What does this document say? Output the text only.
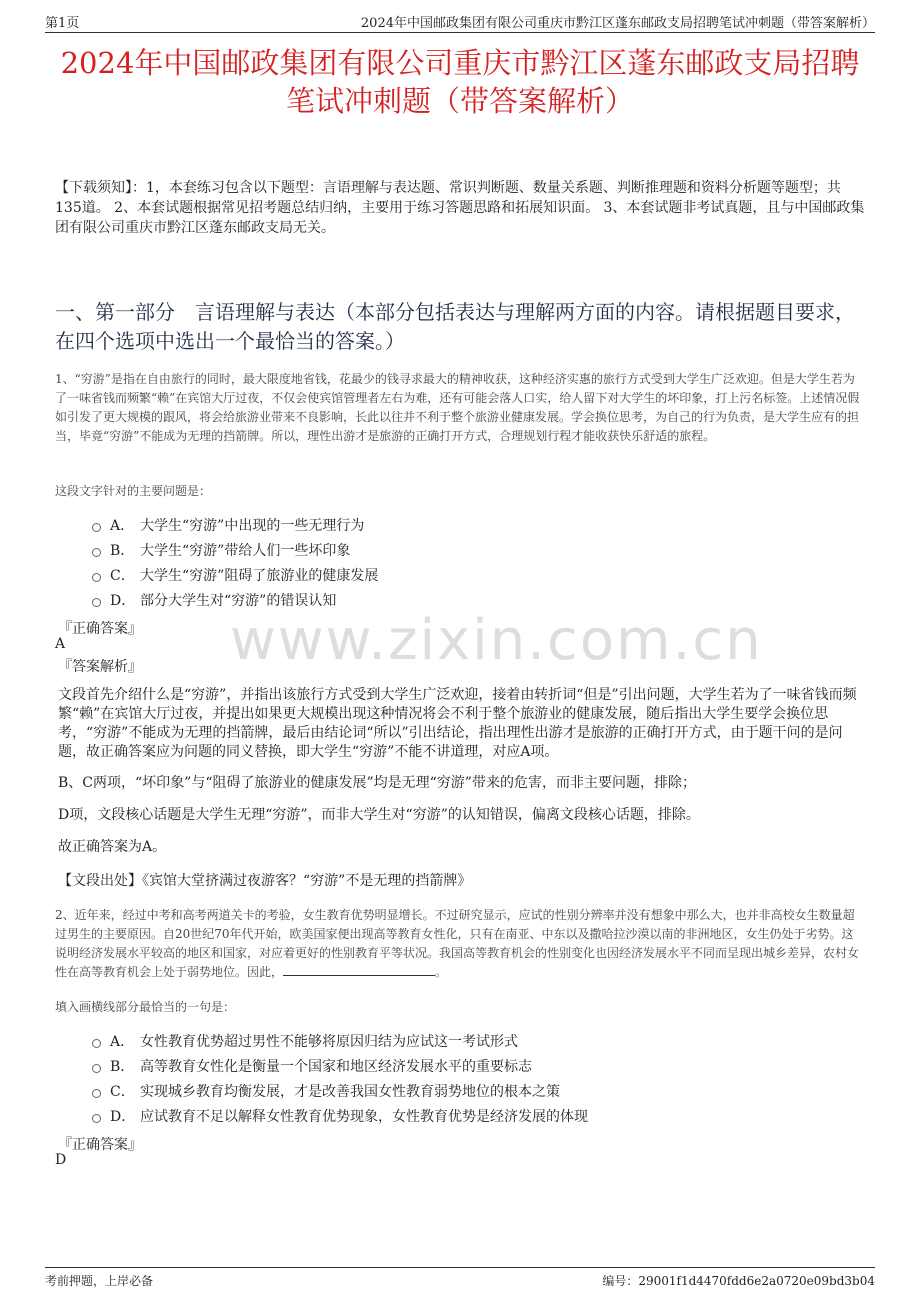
第1页	2024年中国邮政集团有限公司重庆市黔江区蓬东邮政支局招聘笔试冲刺题（带答案解析）
2024年中国邮政集团有限公司重庆市黔江区蓬东邮政支局招聘
笔试冲刺题（带答案解析）
【下载须知】：1，本套练习包含以下题型：言语理解与表达题、常识判断题、数量关系题、判断推理题和资料分析题等题型；共135道。 2、本套试题根据常见招考题总结归纳，主要用于练习答题思路和拓展知识面。 3、本套试题非考试真题，且与中国邮政集团有限公司重庆市黔江区蓬东邮政支局无关。
一、第一部分　言语理解与表达（本部分包括表达与理解两方面的内容。请根据题目要求，在四个选项中选出一个最恰当的答案。）
1、“穷游”是指在自由旅行的同时，最大限度地省钱，花最少的钱寻求最大的精神收获，这种经济实惠的旅行方式受到大学生广泛欢迎。但是大学生若为了一味省钱而频繁“赖”在宾馆大厅过夜，不仅会使宾馆管理者左右为难，还有可能会落人口实，给人留下对大学生的坏印象，打上污名标签。上述情况假如引发了更大规模的跟风，将会给旅游业带来不良影响，长此以往并不利于整个旅游业健康发展。学会换位思考，为自己的行为负责，是大学生应有的担当，毕竟“穷游”不能成为无理的挡箭牌。所以，理性出游才是旅游的正确打开方式，合理规划行程才能收获快乐舒适的旅程。
这段文字针对的主要问题是：
A． 大学生“穷游”中出现的一些无理行为
B． 大学生“穷游”带给人们一些坏印象
C． 大学生“穷游”阻碍了旅游业的健康发展
D． 部分大学生对“穷游”的错误认知
『正确答案』
A
『答案解析』 www.zixin.com.cn
文段首先介绍什么是“穷游”，并指出该旅行方式受到大学生广泛欢迎，接着由转折词“但是”引出问题，大学生若为了一味省钱而频繁“赖”在宾馆大厅过夜，并提出如果更大规模出现这种情况将会不利于整个旅游业的健康发展，随后指出大学生要学会换位思考，“穷游”不能成为无理的挡箭牌，最后由结论词“所以”引出结论，指出理性出游才是旅游的正确打开方式，由于题干问的是问题，故正确答案应为问题的同义替换，即大学生“穷游”不能不讲道理，对应A项。
B、C两项，“坏印象”与“阻碍了旅游业的健康发展”均是无理“穷游”带来的危害，而非主要问题，排除；
D项，文段核心话题是大学生无理“穷游”，而非大学生对“穷游”的认知错误，偏离文段核心话题，排除。
故正确答案为A。
【文段出处】《宾馆大堂挤满过夜游客？“穷游”不是无理的挡箭牌》
2、近年来，经过中考和高考两道关卡的考验，女生教育优势明显增长。不过研究显示，应试的性别分辨率并没有想象中那么大，也并非高校女生数量超过男生的主要原因。自20世纪70年代开始，欧美国家便出现高等教育女性化，只有在南亚、中东以及撒哈拉沙漠以南的非洲地区，女生仍处于劣势。这说明经济发展水平较高的地区和国家，对应着更好的性别教育平等状况。我国高等教育机会的性别变化也因经济发展水平不同而呈现出城乡差异，农村女性在高等教育机会上处于弱势地位。因此，	。
填入画横线部分最恰当的一句是：
A． 女性教育优势超过男性不能够将原因归结为应试这一考试形式
B． 高等教育女性化是衡量一个国家和地区经济发展水平的重要标志
C． 实现城乡教育均衡发展，才是改善我国女性教育弱势地位的根本之策
D． 应试教育不足以解释女性教育优势现象，女性教育优势是经济发展的体现
『正确答案』
D
考前押题，上岸必备	编号：29001f1d4470fdd6e2a0720e09bd3b04
